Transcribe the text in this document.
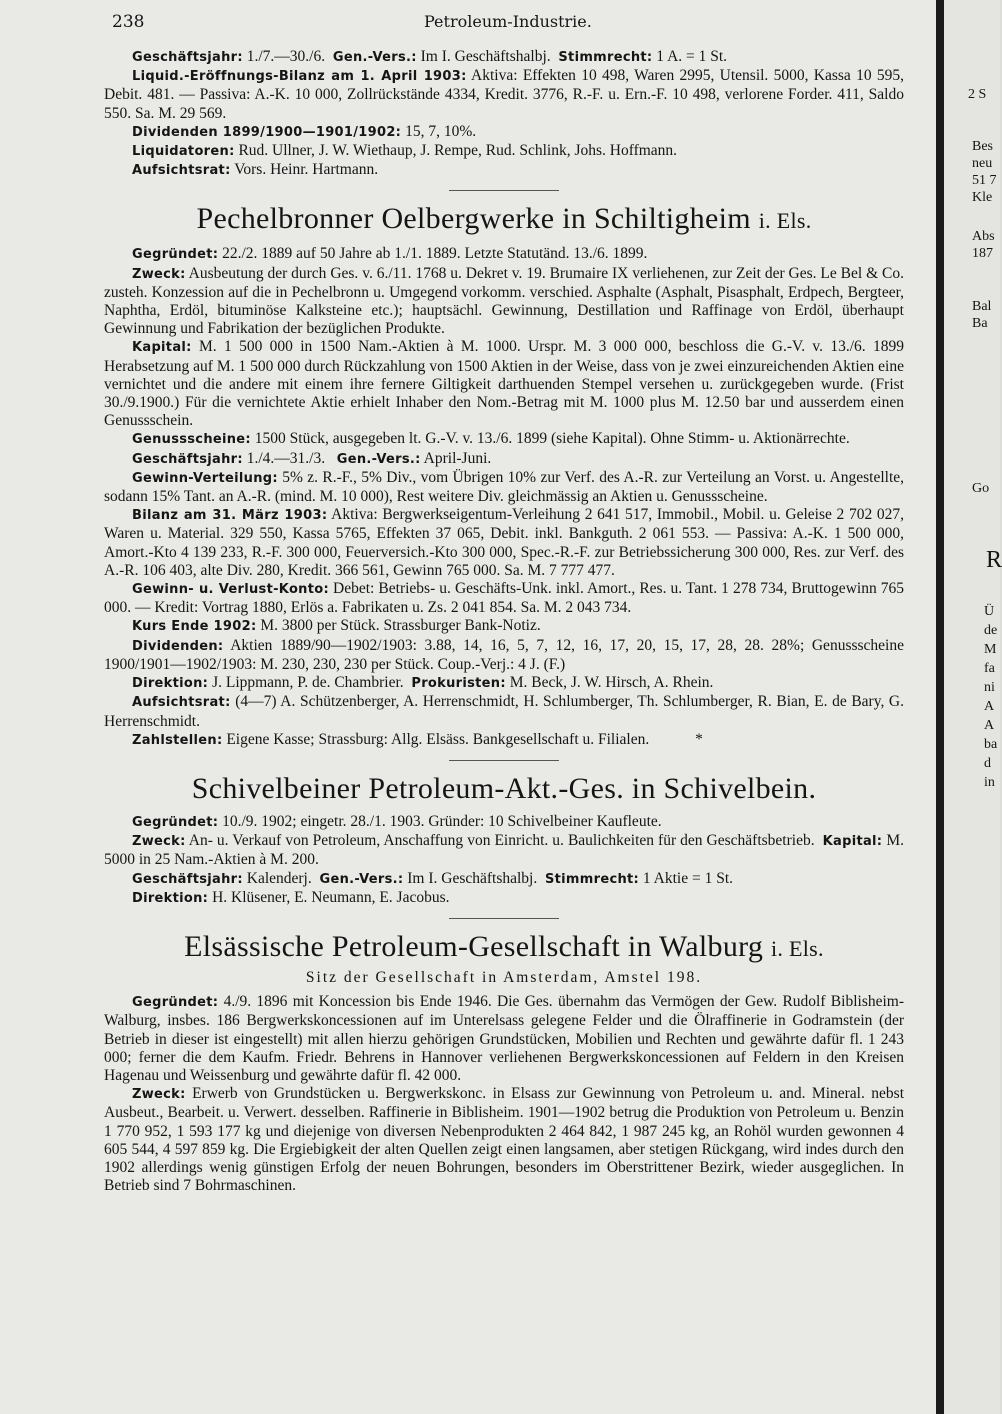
238	Petroleum-Industrie.

Geschäftsjahr: 1./7.—30./6. Gen.-Vers.: Im I. Geschäftshalbj. Stimmrecht: 1 A. = 1 St.

Liquid.-Eröffnungs-Bilanz am 1. April 1903: Aktiva: Effekten 10 498, Waren 2995, Utensil. 5000, Kassa 10 595, Debit. 481. — Passiva: A.-K. 10 000, Zollrückstände 4334, Kredit. 3776, R.-F. u. Ern.-F. 10 498, verlorene Forder. 411, Saldo 550. Sa. M. 29 569.

Dividenden 1899/1900—1901/1902: 15, 7, 10%.

Liquidatoren: Rud. Ullner, J. W. Wiethaup, J. Rempe, Rud. Schlink, Johs. Hoffmann.

Aufsichtsrat: Vors. Heinr. Hartmann.

Pechelbronner Oelbergwerke in Schiltigheim i. Els.

Gegründet: 22./2. 1889 auf 50 Jahre ab 1./1. 1889. Letzte Statutänd. 13./6. 1899.

Zweck: Ausbeutung der durch Ges. v. 6./11. 1768 u. Dekret v. 19. Brumaire IX verliehenen, zur Zeit der Ges. Le Bel & Co. zusteh. Konzession auf die in Pechelbronn u. Umgegend vorkomm. verschied. Asphalte (Asphalt, Pisasphalt, Erdpech, Bergteer, Naphtha, Erdöl, bituminöse Kalksteine etc.); hauptsächl. Gewinnung, Destillation und Raffinage von Erdöl, überhaupt Gewinnung und Fabrikation der bezüglichen Produkte.

Kapital: M. 1 500 000 in 1500 Nam.-Aktien à M. 1000. Urspr. M. 3 000 000, beschloss die G.-V. v. 13./6. 1899 Herabsetzung auf M. 1 500 000 durch Rückzahlung von 1500 Aktien in der Weise, dass von je zwei einzureichenden Aktien eine vernichtet und die andere mit einem ihre fernere Giltigkeit darthuenden Stempel versehen u. zurückgegeben wurde. (Frist 30./9.1900.) Für die vernichtete Aktie erhielt Inhaber den Nom.-Betrag mit M. 1000 plus M. 12.50 bar und ausserdem einen Genussschein.

Genussscheine: 1500 Stück, ausgegeben lt. G.-V. v. 13./6. 1899 (siehe Kapital). Ohne Stimm- u. Aktionärrechte.

Geschäftsjahr: 1./4.—31./3. Gen.-Vers.: April-Juni.

Gewinn-Verteilung: 5% z. R.-F., 5% Div., vom Übrigen 10% zur Verf. des A.-R. zur Verteilung an Vorst. u. Angestellte, sodann 15% Tant. an A.-R. (mind. M. 10 000), Rest weitere Div. gleichmässig an Aktien u. Genussscheine.

Bilanz am 31. März 1903: Aktiva: Bergwerkseigentum-Verleihung 2 641 517, Immobil., Mobil. u. Geleise 2 702 027, Waren u. Material. 329 550, Kassa 5765, Effekten 37 065, Debit. inkl. Bankguth. 2 061 553. — Passiva: A.-K. 1 500 000, Amort.-Kto 4 139 233, R.-F. 300 000, Feuerversich.-Kto 300 000, Spec.-R.-F. zur Betriebssicherung 300 000, Res. zur Verf. des A.-R. 106 403, alte Div. 280, Kredit. 366 561, Gewinn 765 000. Sa. M. 7 777 477.

Gewinn- u. Verlust-Konto: Debet: Betriebs- u. Geschäfts-Unk. inkl. Amort., Res. u. Tant. 1 278 734, Bruttogewinn 765 000. — Kredit: Vortrag 1880, Erlös a. Fabrikaten u. Zs. 2 041 854. Sa. M. 2 043 734.

Kurs Ende 1902: M. 3800 per Stück. Strassburger Bank-Notiz.

Dividenden: Aktien 1889/90—1902/1903: 3.88, 14, 16, 5, 7, 12, 16, 17, 20, 15, 17, 28, 28. 28%; Genussscheine 1900/1901—1902/1903: M. 230, 230, 230 per Stück. Coup.-Verj.: 4 J. (F.)

Direktion: J. Lippmann, P. de. Chambrier. Prokuristen: M. Beck, J. W. Hirsch, A. Rhein.

Aufsichtsrat: (4—7) A. Schützenberger, A. Herrenschmidt, H. Schlumberger, Th. Schlumberger, R. Bian, E. de Bary, G. Herrenschmidt.

Zahlstellen: Eigene Kasse; Strassburg: Allg. Elsäss. Bankgesellschaft u. Filialen.	*

Schivelbeiner Petroleum-Akt.-Ges. in Schivelbein.

Gegründet: 10./9. 1902; eingetr. 28./1. 1903. Gründer: 10 Schivelbeiner Kaufleute.

Zweck: An- u. Verkauf von Petroleum, Anschaffung von Einricht. u. Baulichkeiten für den Geschäftsbetrieb. Kapital: M. 5000 in 25 Nam.-Aktien à M. 200.

Geschäftsjahr: Kalenderj. Gen.-Vers.: Im I. Geschäftshalbj. Stimmrecht: 1 Aktie = 1 St.

Direktion: H. Klüsener, E. Neumann, E. Jacobus.

Elsässische Petroleum-Gesellschaft in Walburg i. Els.
Sitz der Gesellschaft in Amsterdam, Amstel 198.

Gegründet: 4./9. 1896 mit Koncession bis Ende 1946. Die Ges. übernahm das Vermögen der Gew. Rudolf Biblisheim-Walburg, insbes. 186 Bergwerkskoncessionen auf im Unterelsass gelegene Felder und die Ölraffinerie in Godramstein (der Betrieb in dieser ist eingestellt) mit allen hierzu gehörigen Grundstücken, Mobilien und Rechten und gewährte dafür fl. 1 243 000; ferner die dem Kaufm. Friedr. Behrens in Hannover verliehenen Bergwerkskoncessionen auf Feldern in den Kreisen Hagenau und Weissenburg und gewährte dafür fl. 42 000.

Zweck: Erwerb von Grundstücken u. Bergwerkskonc. in Elsass zur Gewinnung von Petroleum u. and. Mineral. nebst Ausbeut., Bearbeit. u. Verwert. desselben. Raffinerie in Biblisheim. 1901—1902 betrug die Produktion von Petroleum u. Benzin 1 770 952, 1 593 177 kg und diejenige von diversen Nebenprodukten 2 464 842, 1 987 245 kg, an Rohöl wurden gewonnen 4 605 544, 4 597 859 kg. Die Ergiebigkeit der alten Quellen zeigt einen langsamen, aber stetigen Rückgang, wird indes durch den 1902 allerdings wenig günstigen Erfolg der neuen Bohrungen, besonders im Oberstrittener Bezirk, wieder ausgeglichen. In Betrieb sind 7 Bohrmaschinen.

2 S
Bes
neu
51 7
Kle
Abs
187
Bal
Ba
Go
R
Ü
de
M
fa
ni
A
A
ba
d
in
